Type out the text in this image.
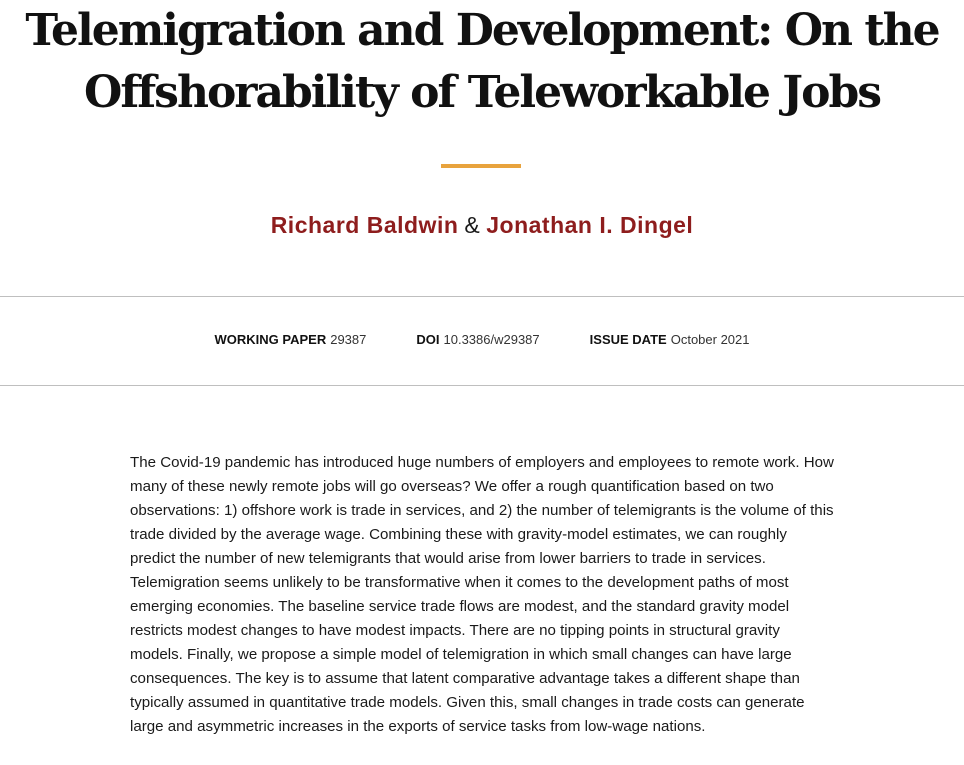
Telemigration and Development: On the Offshorability of Teleworkable Jobs
Richard Baldwin & Jonathan I. Dingel
WORKING PAPER 29387	DOI 10.3386/w29387	ISSUE DATE October 2021

The Covid-19 pandemic has introduced huge numbers of employers and employees to remote work. How many of these newly remote jobs will go overseas? We offer a rough quantification based on two observations: 1) offshore work is trade in services, and 2) the number of telemigrants is the volume of this trade divided by the average wage. Combining these with gravity-model estimates, we can roughly predict the number of new telemigrants that would arise from lower barriers to trade in services. Telemigration seems unlikely to be transformative when it comes to the development paths of most emerging economies. The baseline service trade flows are modest, and the standard gravity model restricts modest changes to have modest impacts. There are no tipping points in structural gravity models. Finally, we propose a simple model of telemigration in which small changes can have large consequences. The key is to assume that latent comparative advantage takes a different shape than typically assumed in quantitative trade models. Given this, small changes in trade costs can generate large and asymmetric increases in the exports of service tasks from low-wage nations.
